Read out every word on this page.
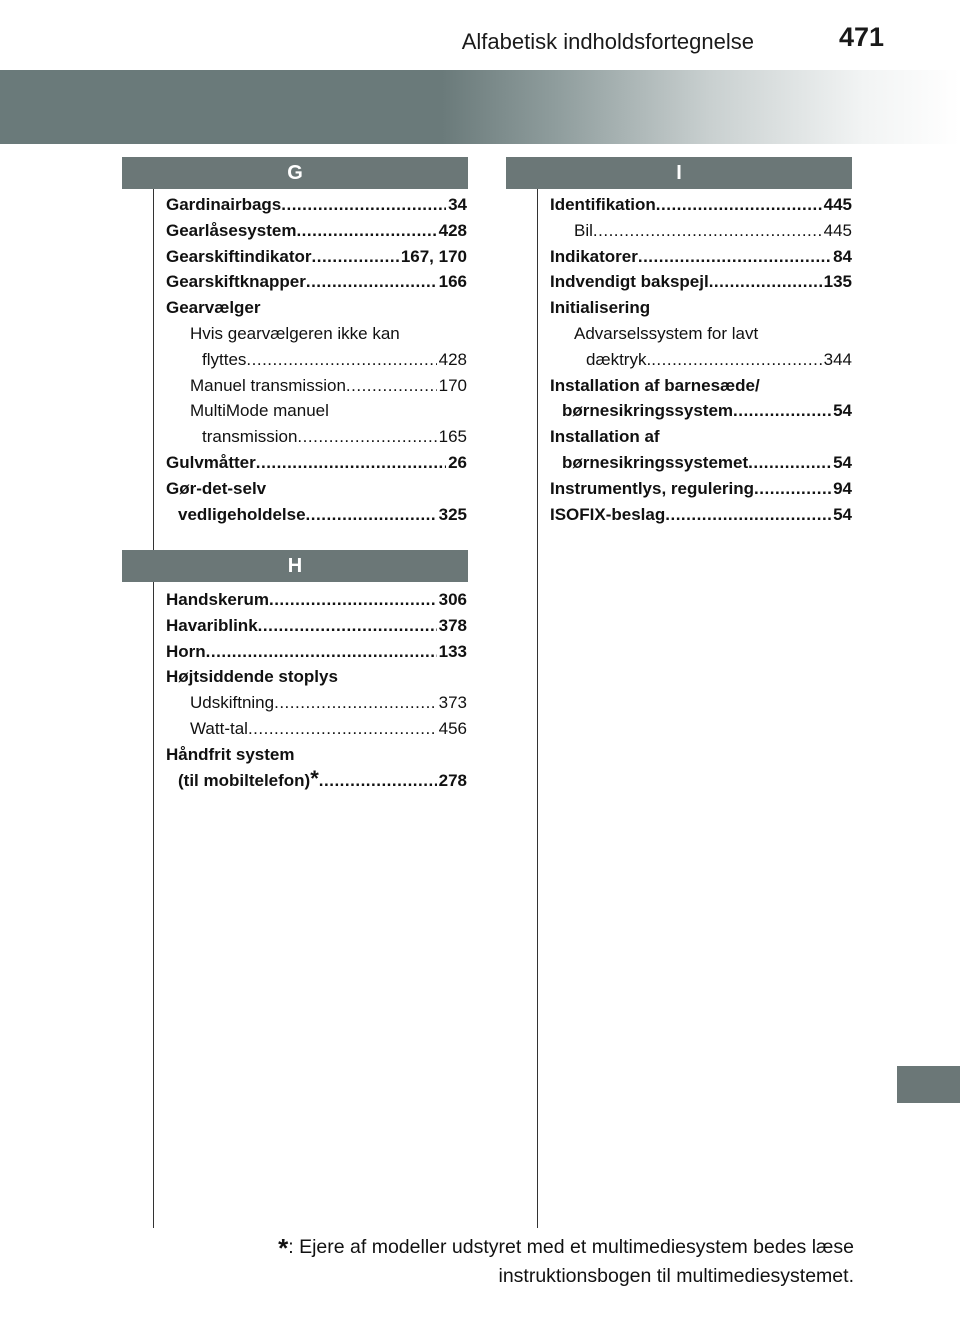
Alfabetisk indholdsfortegnelse	471
G
Gardinairbags .....	34
Gearlåsesystem .....	428
Gearskiftindikator .....	167, 170
Gearskiftknapper .....	166
Gearvælger
Hvis gearvælgeren ikke kan
flyttes .....	428
Manuel transmission .....	170
MultiMode manuel
transmission .....	165
Gulvmåtter .....	26
Gør-det-selv
vedligeholdelse .....	325
H
Handskerum .....	306
Havariblink .....	378
Horn .....	133
Højtsiddende stoplys
Udskiftning .....	373
Watt-tal .....	456
Håndfrit system
(til mobiltelefon) * .....	278
I
Identifikation .....	445
Bil .....	445
Indikatorer .....	84
Indvendigt bakspejl .....	135
Initialisering
Advarselssystem for lavt
dæktryk. .....	344
Installation af barnesæde/
børnesikringssystem .....	54
Installation af
børnesikringssystemet .....	54
Instrumentlys, regulering .....	94
ISOFIX-beslag .....	54
*: Ejere af modeller udstyret med et multimediesystem bedes læse
instruktionsbogen til multimediesystemet.
